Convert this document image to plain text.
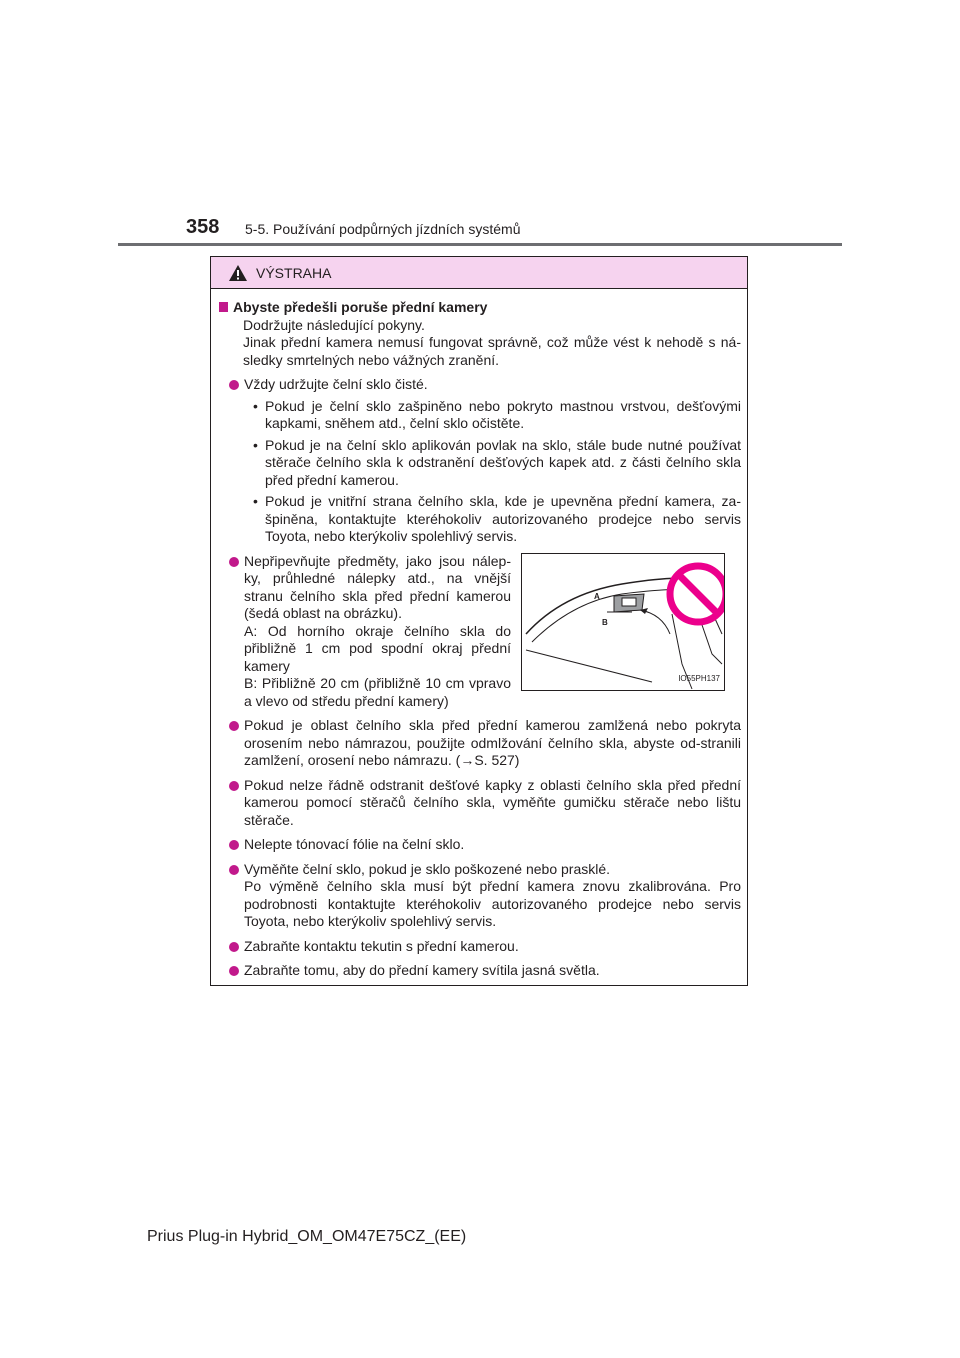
358 5-5. Používání podpůrných jízdních systémů
VÝSTRAHA
Abyste předešli poruše přední kamery
Dodržujte následující pokyny.
Jinak přední kamera nemusí fungovat správně, což může vést k nehodě s ná-sledky smrtelných nebo vážných zranění.
Vždy udržujte čelní sklo čisté.
• Pokud je čelní sklo zašpiněno nebo pokryto mastnou vrstvou, dešťovými kapkami, sněhem atd., čelní sklo očistěte.
• Pokud je na čelní sklo aplikován povlak na sklo, stále bude nutné používat stěrače čelního skla k odstranění dešťových kapek atd. z části čelního skla před přední kamerou.
• Pokud je vnitřní strana čelního skla, kde je upevněna přední kamera, za-špiněna, kontaktujte kteréhokoliv autorizovaného prodejce nebo servis Toyota, nebo kterýkoliv spolehlivý servis.
Nepřipevňujte předměty, jako jsou nálep-ky, průhledné nálepky atd., na vnější stranu čelního skla před přední kamerou (šedá oblast na obrázku).
A: Od horního okraje čelního skla do přibližně 1 cm pod spodní okraj přední kamery
B: Přibližně 20 cm (přibližně 10 cm vpravo a vlevo od středu přední kamery)
A
B
IO55PH137
Pokud je oblast čelního skla před přední kamerou zamlžená nebo pokryta orosením nebo námrazou, použijte odmlžování čelního skla, abyste od-stranili zamlžení, orosení nebo námrazu. (→S. 527)
Pokud nelze řádně odstranit dešťové kapky z oblasti čelního skla před přední kamerou pomocí stěračů čelního skla, vyměňte gumičku stěrače nebo lištu stěrače.
Nelepte tónovací fólie na čelní sklo.
Vyměňte čelní sklo, pokud je sklo poškozené nebo prasklé.
Po výměně čelního skla musí být přední kamera znovu zkalibrována. Pro podrobnosti kontaktujte kteréhokoliv autorizovaného prodejce nebo servis Toyota, nebo kterýkoliv spolehlivý servis.
Zabraňte kontaktu tekutin s přední kamerou.
Zabraňte tomu, aby do přední kamery svítila jasná světla.
Prius Plug-in Hybrid_OM_OM47E75CZ_(EE)
